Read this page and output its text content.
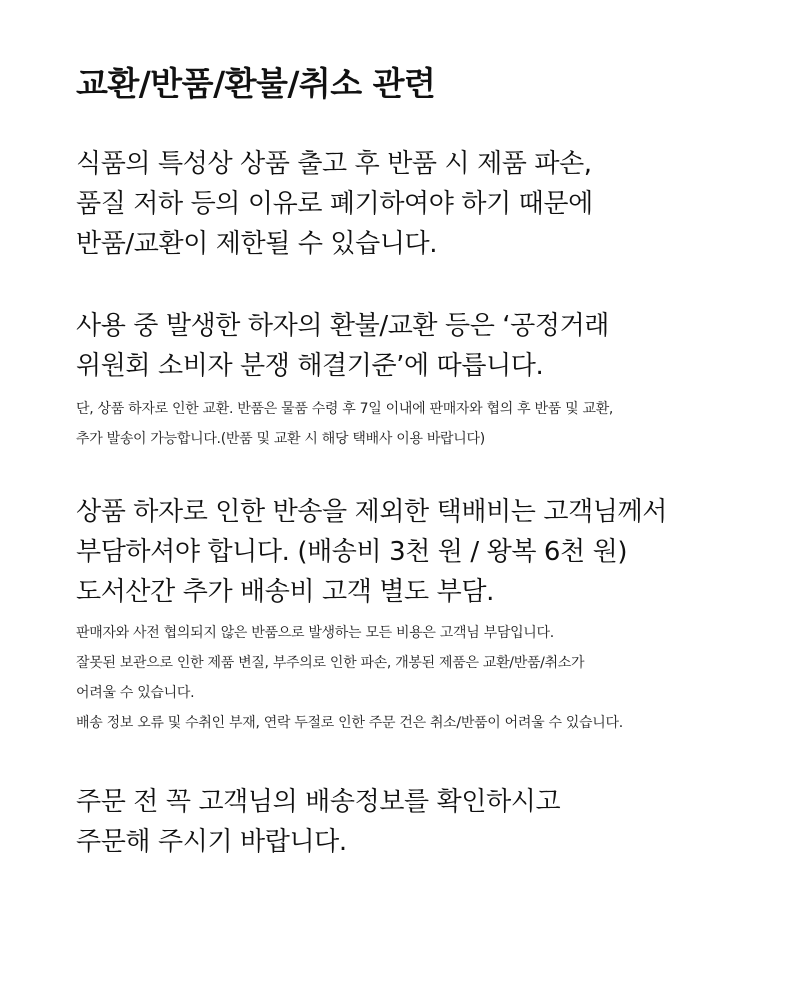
교환/반품/환불/취소 관련

식품의 특성상 상품 출고 후 반품 시 제품 파손,

품질 저하 등의 이유로 폐기하여야 하기 때문에

반품/교환이 제한될 수 있습니다.

사용 중 발생한 하자의 환불/교환 등은 ‘공정거래

위원회 소비자 분쟁 해결기준’에 따릅니다.

단, 상품 하자로 인한 교환. 반품은 물품 수령 후 7일 이내에 판매자와 협의 후 반품 및 교환,

추가 발송이 가능합니다.(반품 및 교환 시 해당 택배사 이용 바랍니다)

상품 하자로 인한 반송을 제외한 택배비는 고객님께서

부담하셔야 합니다. (배송비 3천 원 / 왕복 6천 원)

도서산간 추가 배송비 고객 별도 부담.

판매자와 사전 협의되지 않은 반품으로 발생하는 모든 비용은 고객님 부담입니다.

잘못된 보관으로 인한 제품 변질, 부주의로 인한 파손, 개봉된 제품은 교환/반품/취소가

어려울 수 있습니다.

배송 정보 오류 및 수취인 부재, 연락 두절로 인한 주문 건은 취소/반품이 어려울 수 있습니다.

주문 전 꼭 고객님의 배송정보를 확인하시고

주문해 주시기 바랍니다.
